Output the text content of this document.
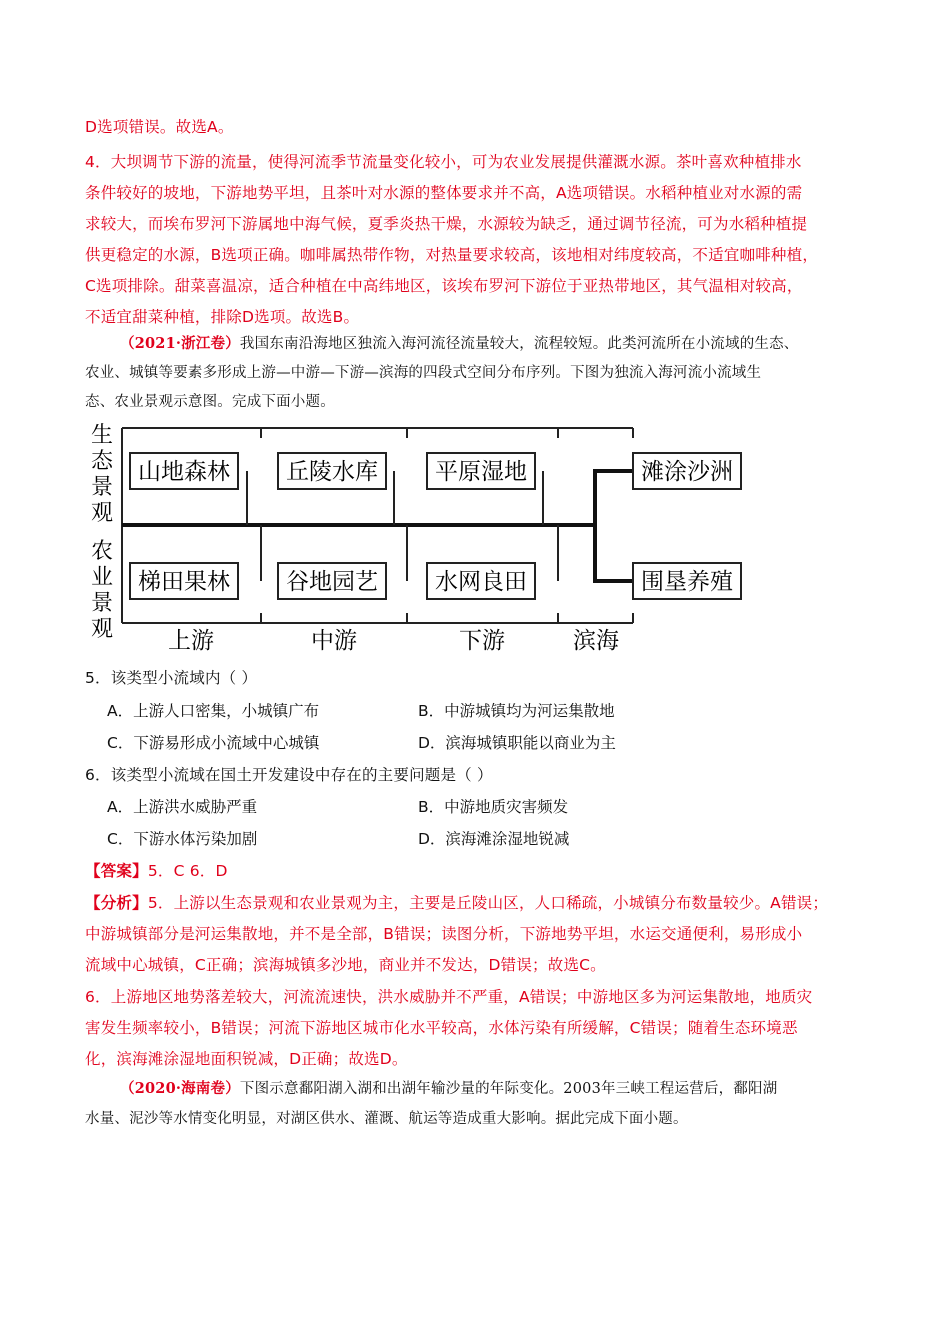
D选项错误。故选A。
4．大坝调节下游的流量，使得河流季节流量变化较小，可为农业发展提供灌溉水源。茶叶喜欢种植排水
条件较好的坡地，下游地势平坦，且茶叶对水源的整体要求并不高，A选项错误。水稻种植业对水源的需
求较大，而埃布罗河下游属地中海气候，夏季炎热干燥，水源较为缺乏，通过调节径流，可为水稻种植提
供更稳定的水源，B选项正确。咖啡属热带作物，对热量要求较高，该地相对纬度较高，不适宜咖啡种植，
C选项排除。甜菜喜温凉，适合种植在中高纬地区，该埃布罗河下游位于亚热带地区，其气温相对较高，
不适宜甜菜种植，排除D选项。故选B。
（2021·浙江卷）我国东南沿海地区独流入海河流径流量较大，流程较短。此类河流所在小流域的生态、
农业、城镇等要素多形成上游—中游—下游—滨海的四段式空间分布序列。下图为独流入海河流小流域生
态、农业景观示意图。完成下面小题。
山地森林 丘陵水库 平原湿地	滩涂沙洲
梯田果林 谷地园艺 水网良田	围垦养殖
生
态
景
观
农
业
景
观 上游	中游	下游	滨海
5．该类型小流域内（ ）
A．上游人口密集，小城镇广布	B．中游城镇均为河运集散地
C．下游易形成小流域中心城镇	D．滨海城镇职能以商业为主
6．该类型小流域在国土开发建设中存在的主要问题是（ ）
A．上游洪水威胁严重	B．中游地质灾害频发
C．下游水体污染加剧	D．滨海滩涂湿地锐减
【答案】5．C 6．D
【分析】5．上游以生态景观和农业景观为主，主要是丘陵山区，人口稀疏，小城镇分布数量较少。A错误；
中游城镇部分是河运集散地，并不是全部，B错误；读图分析，下游地势平坦，水运交通便利，易形成小
流域中心城镇，C正确；滨海城镇多沙地，商业并不发达，D错误；故选C。
6．上游地区地势落差较大，河流流速快，洪水威胁并不严重，A错误；中游地区多为河运集散地，地质灾
害发生频率较小，B错误；河流下游地区城市化水平较高，水体污染有所缓解，C错误；随着生态环境恶
化，滨海滩涂湿地面积锐减，D正确；故选D。
（2020·海南卷）下图示意鄱阳湖入湖和出湖年输沙量的年际变化。2003年三峡工程运营后，鄱阳湖
水量、泥沙等水情变化明显，对湖区供水、灌溉、航运等造成重大影响。据此完成下面小题。
